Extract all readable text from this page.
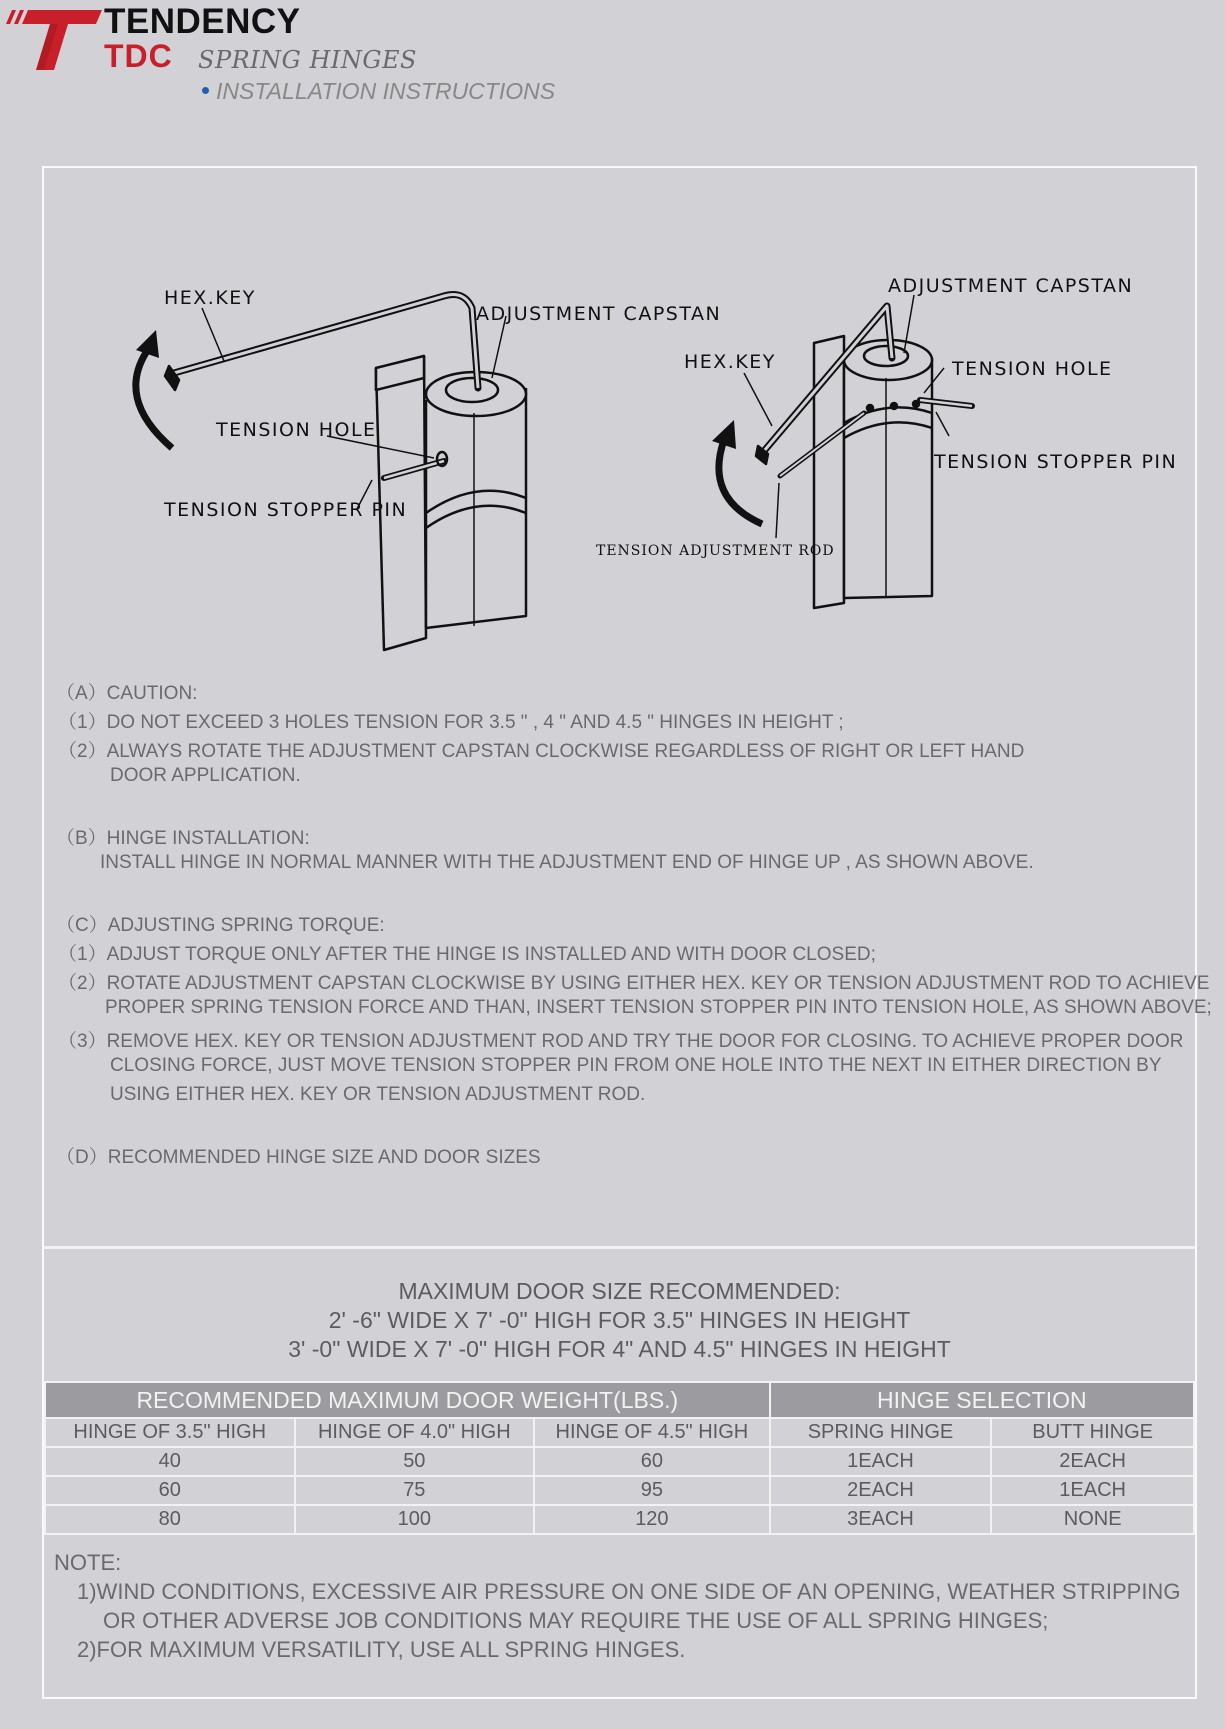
TENDENCY
TDC SPRING HINGES
INSTALLATION INSTRUCTIONS
HEX.KEY
ADJUSTMENT CAPSTAN
TENSION HOLE
TENSION STOPPER PIN
ADJUSTMENT CAPSTAN
HEX.KEY	TENSION HOLE
TENSION STOPPER PIN
TENSION ADJUSTMENT ROD

（A）CAUTION:

（1）DO NOT EXCEED 3 HOLES TENSION FOR 3.5 " , 4 " AND 4.5 " HINGES IN HEIGHT ;

（2）ALWAYS ROTATE THE ADJUSTMENT CAPSTAN CLOCKWISE REGARDLESS OF RIGHT OR LEFT HAND

DOOR APPLICATION.

（B）HINGE INSTALLATION:

INSTALL HINGE IN NORMAL MANNER WITH THE ADJUSTMENT END OF HINGE UP , AS SHOWN ABOVE.

（C）ADJUSTING SPRING TORQUE:

（1）ADJUST TORQUE ONLY AFTER THE HINGE IS INSTALLED AND WITH DOOR CLOSED;

（2）ROTATE ADJUSTMENT CAPSTAN CLOCKWISE BY USING EITHER HEX. KEY OR TENSION ADJUSTMENT ROD TO ACHIEVE

PROPER SPRING TENSION FORCE AND THAN, INSERT TENSION STOPPER PIN INTO TENSION HOLE, AS SHOWN ABOVE;

（3）REMOVE HEX. KEY OR TENSION ADJUSTMENT ROD AND TRY THE DOOR FOR CLOSING. TO ACHIEVE PROPER DOOR

CLOSING FORCE, JUST MOVE TENSION STOPPER PIN FROM ONE HOLE INTO THE NEXT IN EITHER DIRECTION BY

USING EITHER HEX. KEY OR TENSION ADJUSTMENT ROD.

（D）RECOMMENDED HINGE SIZE AND DOOR SIZES

MAXIMUM DOOR SIZE RECOMMENDED:
2' -6" WIDE X 7' -0" HIGH FOR 3.5" HINGES IN HEIGHT
3' -0" WIDE X 7' -0" HIGH FOR 4" AND 4.5" HINGES IN HEIGHT
RECOMMENDED MAXIMUM DOOR WEIGHT(LBS.)			HINGE SELECTION	
HINGE OF 3.5" HIGH	HINGE OF 4.0" HIGH	HINGE OF 4.5" HIGH	SPRING HINGE	BUTT HINGE
40	50	60	1EACH	2EACH
60	75	95	2EACH	1EACH
80	100	120	3EACH	NONE

NOTE:

1)WIND CONDITIONS, EXCESSIVE AIR PRESSURE ON ONE SIDE OF AN OPENING, WEATHER STRIPPING

OR OTHER ADVERSE JOB CONDITIONS MAY REQUIRE THE USE OF ALL SPRING HINGES;

2)FOR MAXIMUM VERSATILITY, USE ALL SPRING HINGES.
